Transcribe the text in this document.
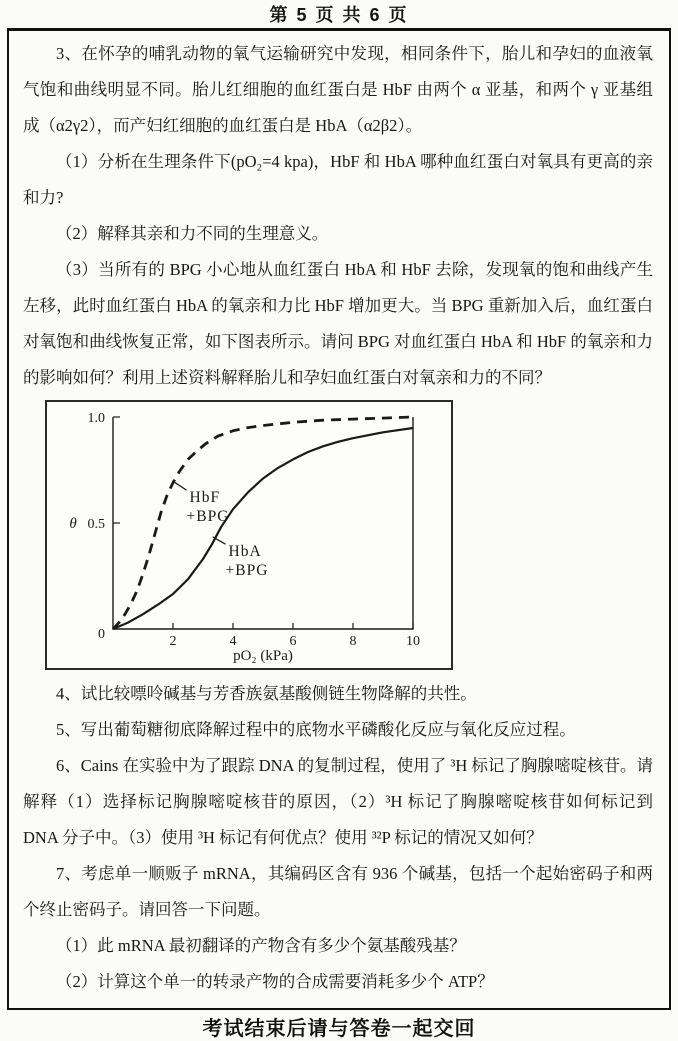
第 5 页 共 6 页

3、在怀孕的哺乳动物的氧气运输研究中发现，相同条件下，胎儿和孕妇的血液氧气饱和曲线明显不同。胎儿红细胞的血红蛋白是 HbF 由两个 α 亚基，和两个 γ 亚基组成（α2γ2），而产妇红细胞的血红蛋白是 HbA（α2β2）。

（1）分析在生理条件下(pO₂=4 kpa)，HbF 和 HbA 哪种血红蛋白对氧具有更高的亲和力?

（2）解释其亲和力不同的生理意义。

（3）当所有的 BPG 小心地从血红蛋白 HbA 和 HbF 去除，发现氧的饱和曲线产生左移，此时血红蛋白 HbA 的氧亲和力比 HbF 增加更大。当 BPG 重新加入后，血红蛋白对氧饱和曲线恢复正常，如下图表所示。请问 BPG 对血红蛋白 HbA 和 HbF 的氧亲和力的影响如何？利用上述资料解释胎儿和孕妇血红蛋白对氧亲和力的不同？

2	4	6	8	10
0.5
1.0
0
θ
pO₂ (kPa)
HbF
+BPG
HbA
+BPG

4、试比较嘌呤碱基与芳香族氨基酸侧链生物降解的共性。

5、写出葡萄糖彻底降解过程中的底物水平磷酸化反应与氧化反应过程。

6、Cains 在实验中为了跟踪 DNA 的复制过程，使用了 ³H 标记了胸腺嘧啶核苷。请解释（1）选择标记胸腺嘧啶核苷的原因，（2）³H 标记了胸腺嘧啶核苷如何标记到 DNA 分子中。（3）使用 ³H 标记有何优点？使用 ³²P 标记的情况又如何？

7、考虑单一顺贩子 mRNA，其编码区含有 936 个碱基，包括一个起始密码子和两个终止密码子。请回答一下问题。

（1）此 mRNA 最初翻译的产物含有多少个氨基酸残基？

（2）计算这个单一的转录产物的合成需要消耗多少个 ATP？

考试结束后请与答卷一起交回
